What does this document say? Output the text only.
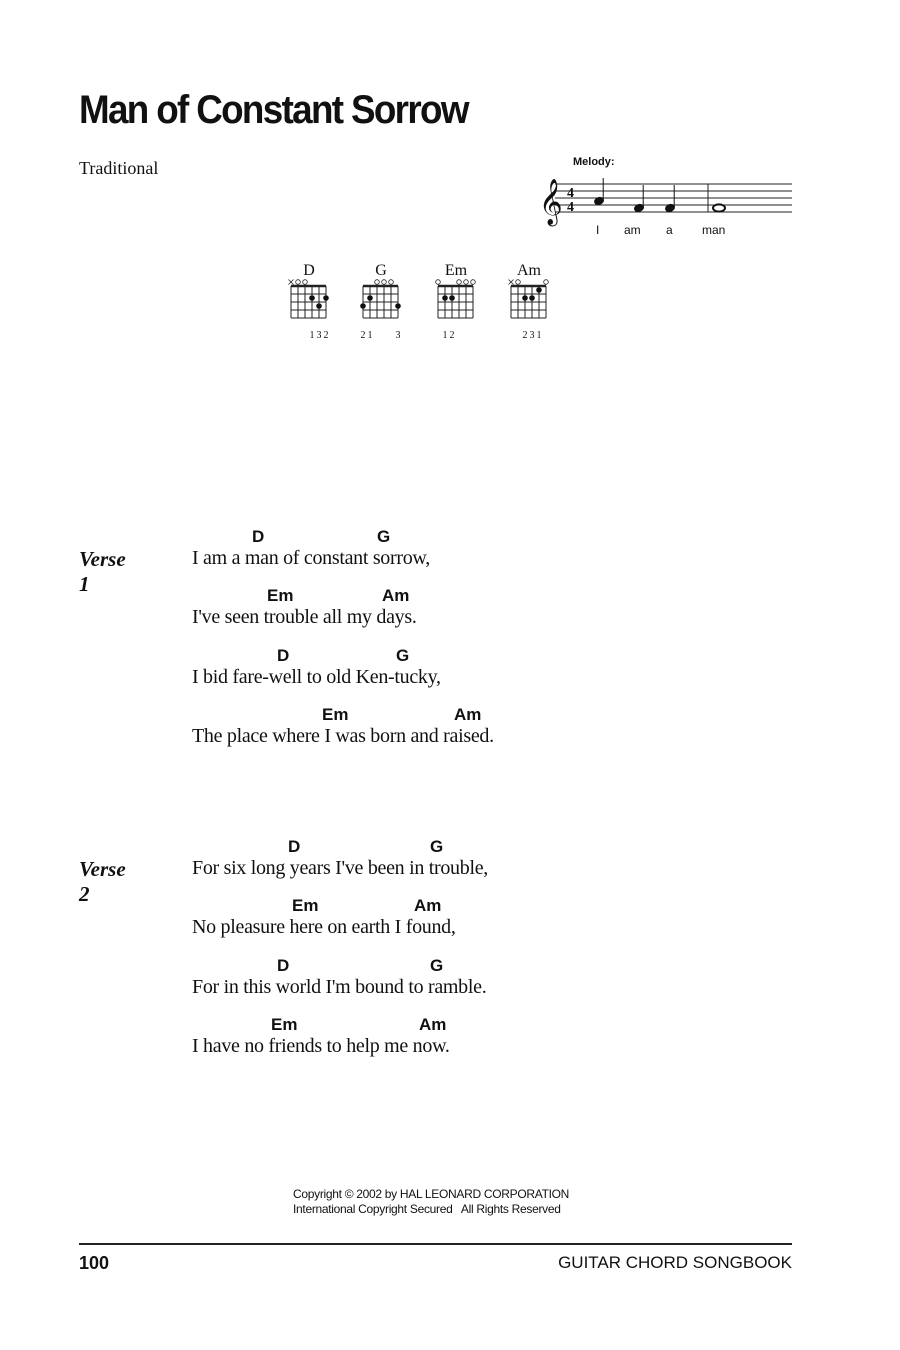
Man of Constant Sorrow
Traditional	Melody:
𝄞 4
4
I am a man
D
1 3 2
G
2 1 3
Em
1 2
Am
2 3 1
Verse 1
D	G
I am a man of constant sorrow,
Em	Am
I've seen trouble all my days.
D	G
I bid fare-well to old Ken-tucky,
Em	Am
The place where I was born and raised.
Verse 2
D	G
For six long years I've been in trouble,
Em	Am
No pleasure here on earth I found,
D	G
For in this world I'm bound to ramble.
Em	Am
I have no friends to help me now.
Copyright © 2002 by HAL LEONARD CORPORATION
International Copyright Secured   All Rights Reserved
100	GUITAR CHORD SONGBOOK
